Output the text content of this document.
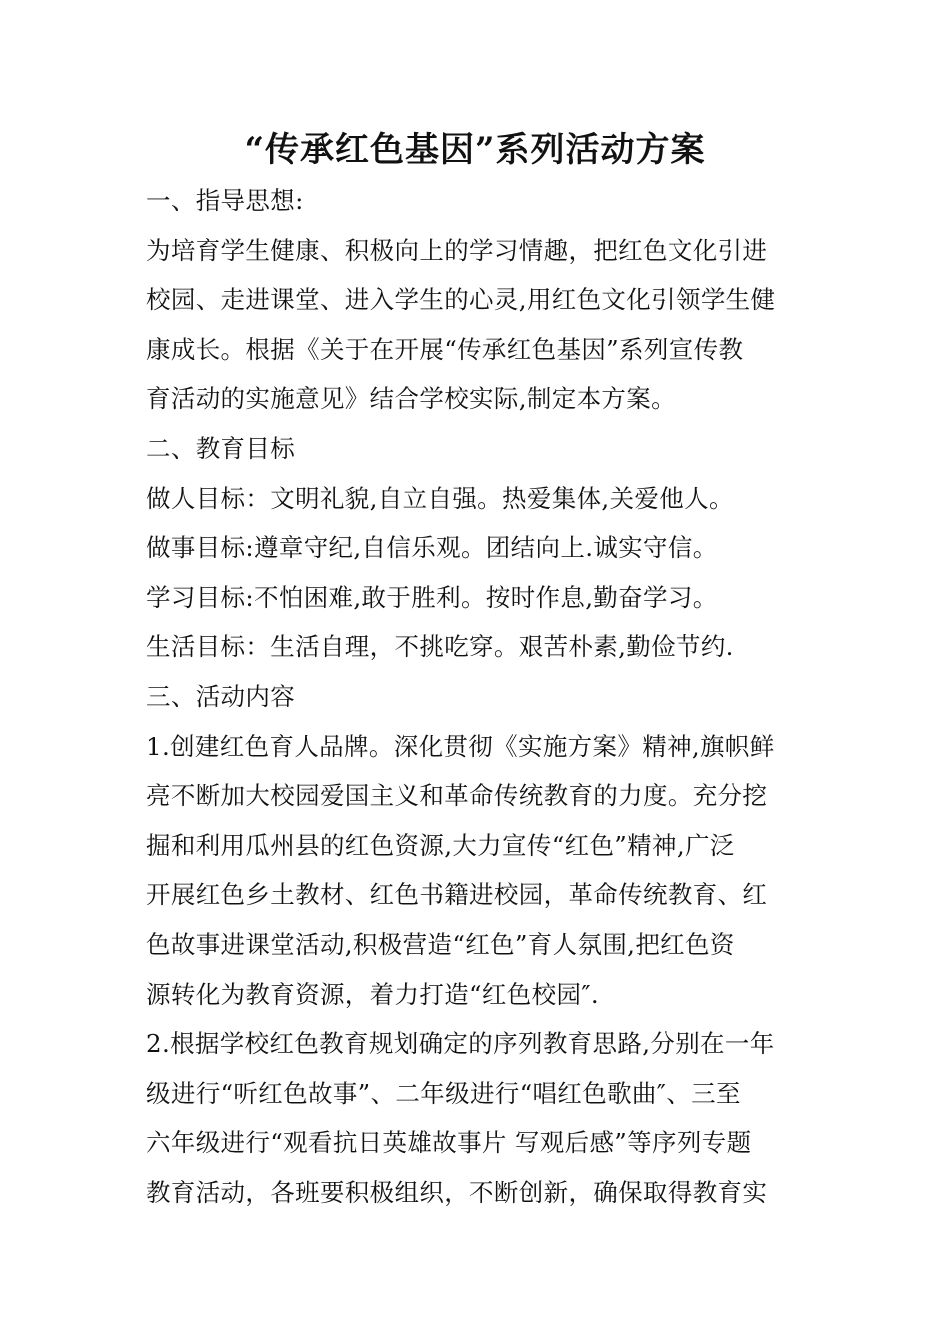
“传承红色基因”系列活动方案

一、指导思想:

为培育学生健康、积极向上的学习情趣，把红色文化引进

校园、走进课堂、进入学生的心灵,用红色文化引领学生健

康成长。根据《关于在开展“传承红色基因”系列宣传教

育活动的实施意见》结合学校实际,制定本方案。

二、教育目标

做人目标：文明礼貌,自立自强。热爱集体,关爱他人。

做事目标:遵章守纪,自信乐观。团结向上.诚实守信。

学习目标:不怕困难,敢于胜利。按时作息,勤奋学习。

生活目标：生活自理，不挑吃穿。艰苦朴素,勤俭节约.

三、活动内容

1.创建红色育人品牌。深化贯彻《实施方案》精神,旗帜鲜

亮不断加大校园爱国主义和革命传统教育的力度。充分挖

掘和利用瓜州县的红色资源,大力宣传“红色”精神,广泛

开展红色乡土教材、红色书籍进校园，革命传统教育、红

色故事进课堂活动,积极营造“红色”育人氛围,把红色资

源转化为教育资源，着力打造“红色校园″.

2.根据学校红色教育规划确定的序列教育思路,分别在一年

级进行“听红色故事”、二年级进行“唱红色歌曲″、三至

六年级进行“观看抗日英雄故事片 写观后感”等序列专题

教育活动，各班要积极组织，不断创新，确保取得教育实
